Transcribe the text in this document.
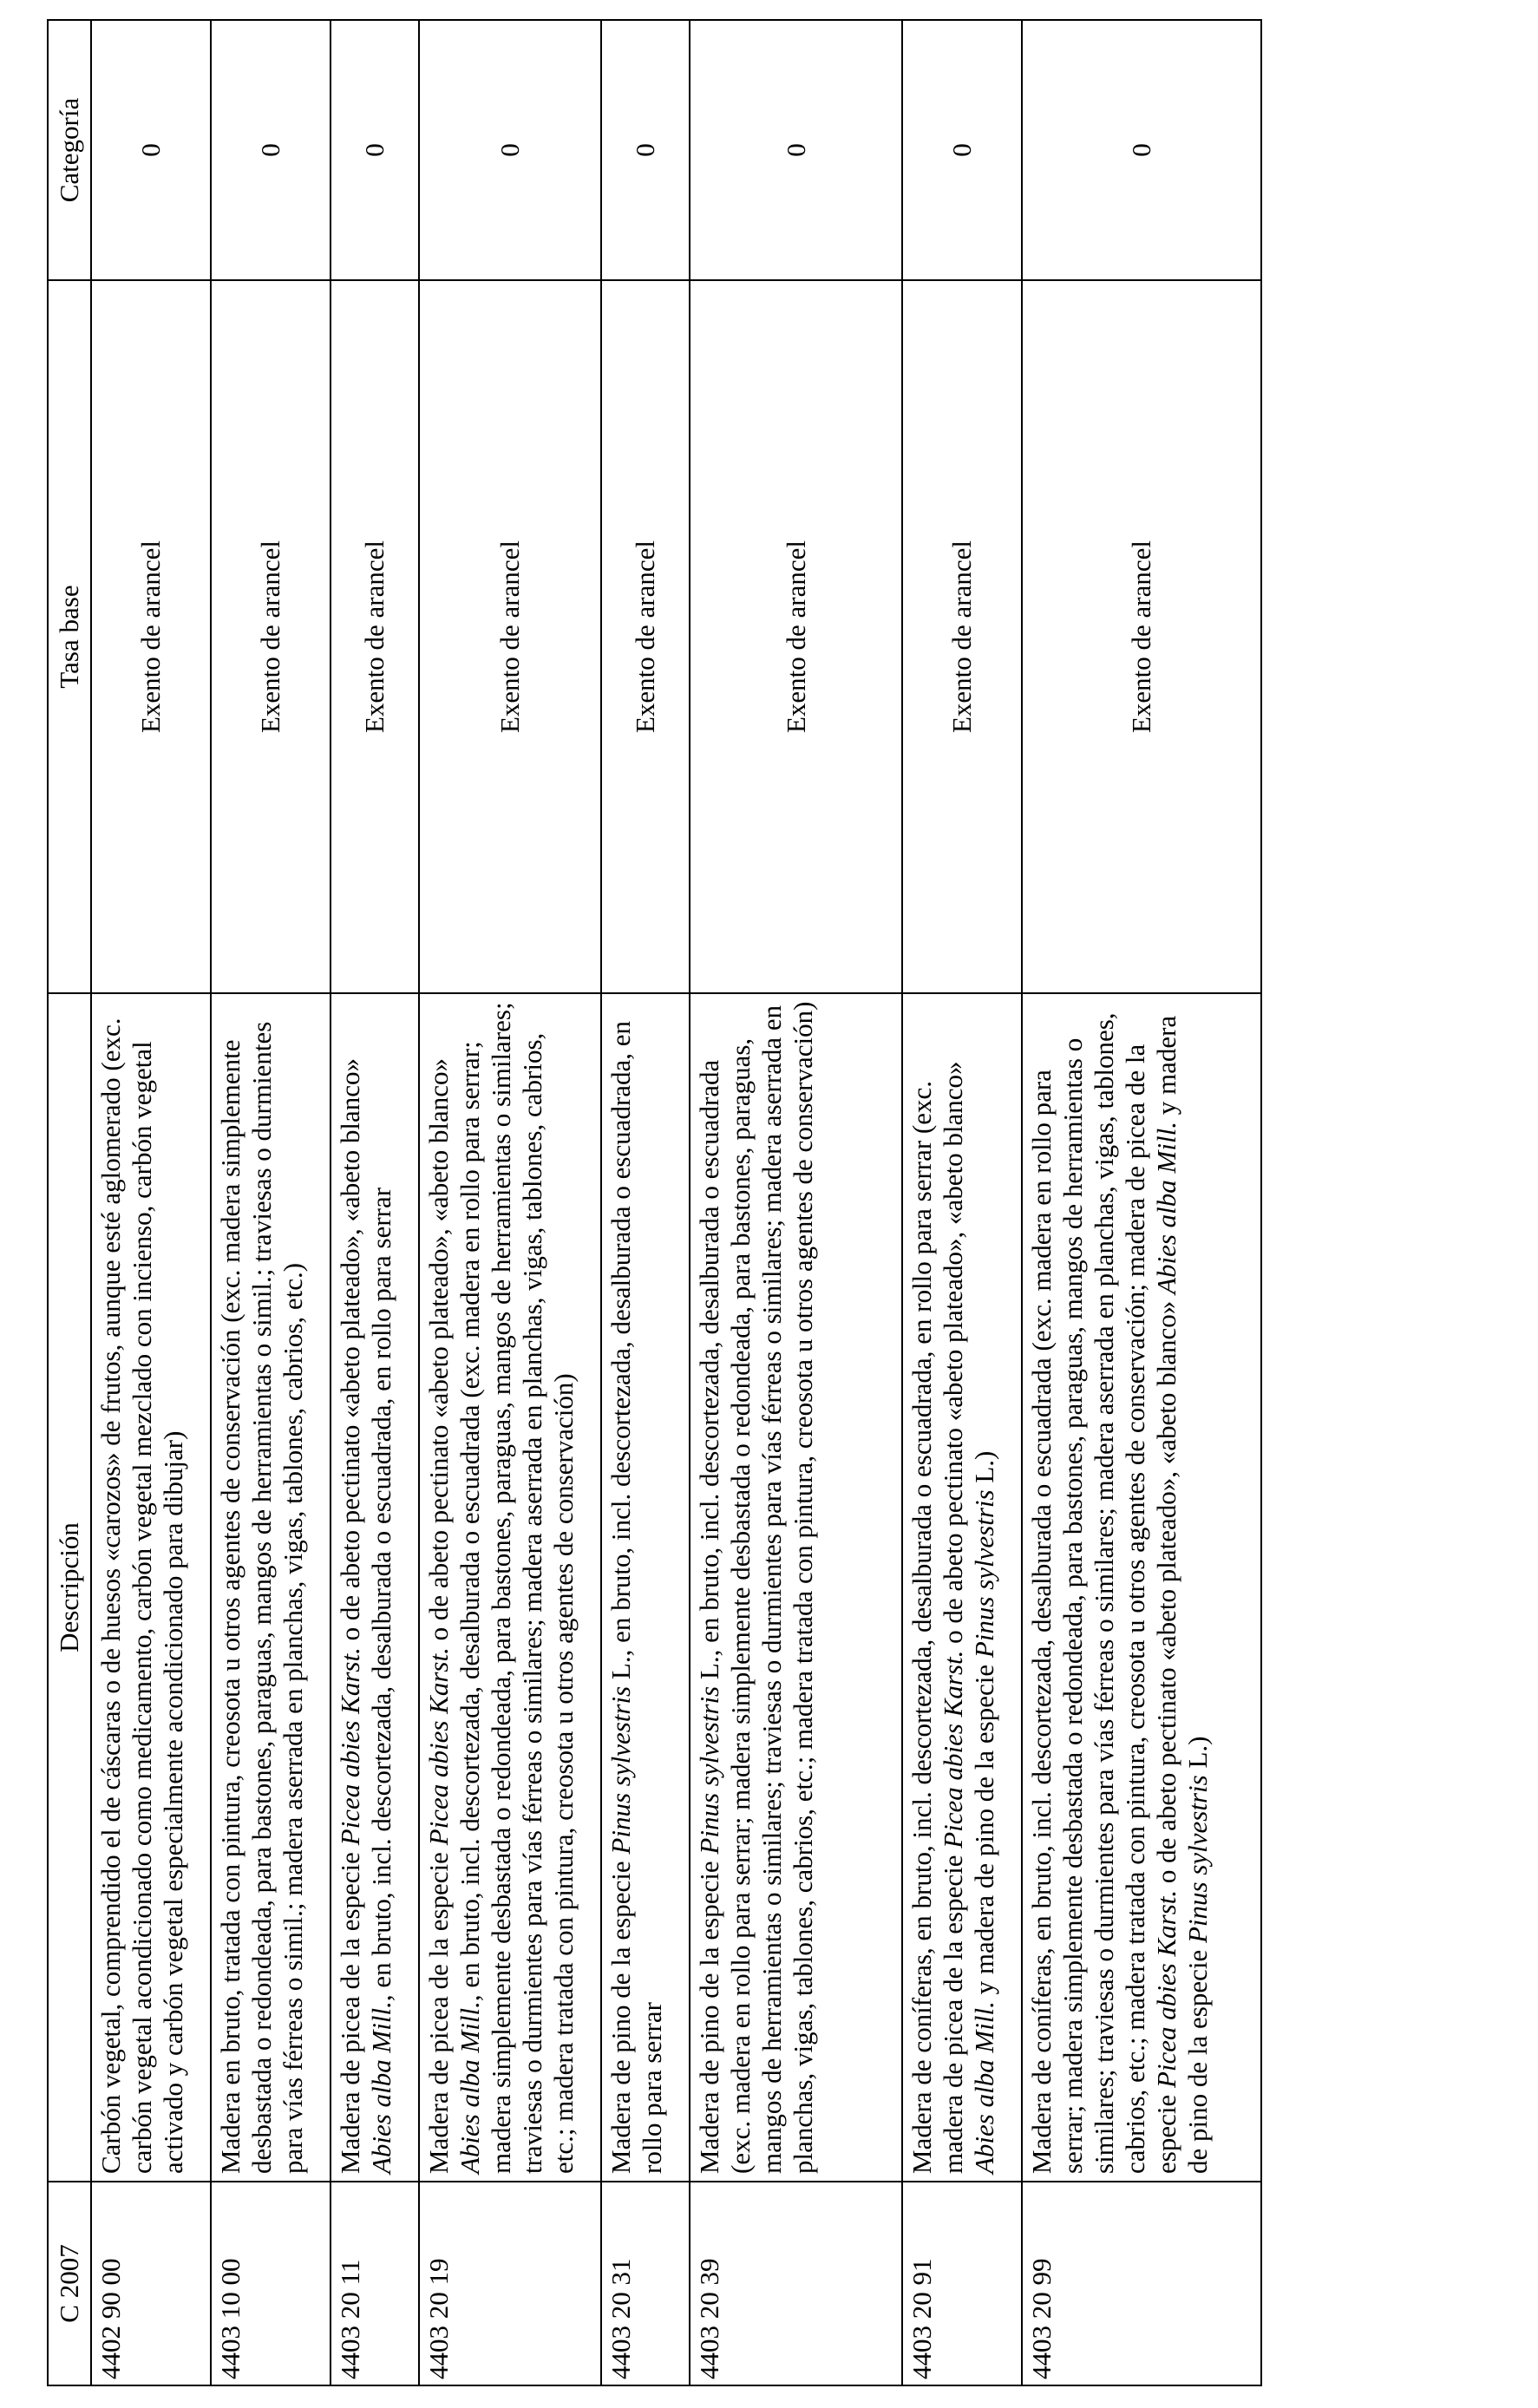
C 2007	Descripción	Tasa base	Categoría
4402 90 00	Carbón vegetal, comprendido el de cáscaras o de huesos «carozos» de frutos, aunque esté aglomerado (exc. carbón vegetal acondicionado como medicamento, carbón vegetal mezclado con incienso, carbón vegetal activado y carbón vegetal especialmente acondicionado para dibujar)	Exento de arancel	0
4403 10 00	Madera en bruto, tratada con pintura, creosota u otros agentes de conservación (exc. madera simplemente desbastada o redondeada, para bastones, paraguas, mangos de herramientas o simil.; traviesas o durmientes para vías férreas o simil.; madera aserrada en planchas, vigas, tablones, cabrios, etc.)	Exento de arancel	0
4403 20 11	Madera de picea de la especie Picea abies Karst. o de abeto pectinato «abeto plateado», «abeto blanco» Abies alba Mill., en bruto, incl. descortezada, desalburada o escuadrada, en rollo para serrar	Exento de arancel	0
4403 20 19	Madera de picea de la especie Picea abies Karst. o de abeto pectinato «abeto plateado», «abeto blanco» Abies alba Mill., en bruto, incl. descortezada, desalburada o escuadrada (exc. madera en rollo para serrar; madera simplemente desbastada o redondeada, para bastones, paraguas, mangos de herramientas o similares; traviesas o durmientes para vías férreas o similares; madera aserrada en planchas, vigas, tablones, cabrios, etc.; madera tratada con pintura, creosota u otros agentes de conservación)	Exento de arancel	0
4403 20 31	Madera de pino de la especie Pinus sylvestris L., en bruto, incl. descortezada, desalburada o escuadrada, en rollo para serrar	Exento de arancel	0
4403 20 39	Madera de pino de la especie Pinus sylvestris L., en bruto, incl. descortezada, desalburada o escuadrada (exc. madera en rollo para serrar; madera simplemente desbastada o redondeada, para bastones, paraguas, mangos de herramientas o similares; traviesas o durmientes para vías férreas o similares; madera aserrada en planchas, vigas, tablones, cabrios, etc.; madera tratada con pintura, creosota u otros agentes de conservación)	Exento de arancel	0
4403 20 91	Madera de coníferas, en bruto, incl. descortezada, desalburada o escuadrada, en rollo para serrar (exc. madera de picea de la especie Picea abies Karst. o de abeto pectinato «abeto plateado», «abeto blanco» Abies alba Mill. y madera de pino de la especie Pinus sylvestris L.)	Exento de arancel	0
4403 20 99	Madera de coníferas, en bruto, incl. descortezada, desalburada o escuadrada (exc. madera en rollo para serrar; madera simplemente desbastada o redondeada, para bastones, paraguas, mangos de herramientas o similares; traviesas o durmientes para vías férreas o similares; madera aserrada en planchas, vigas, tablones, cabrios, etc.; madera tratada con pintura, creosota u otros agentes de conservación; madera de picea de la especie Picea abies Karst. o de abeto pectinato «abeto plateado», «abeto blanco» Abies alba Mill. y madera de pino de la especie Pinus sylvestris L.)	Exento de arancel	0
